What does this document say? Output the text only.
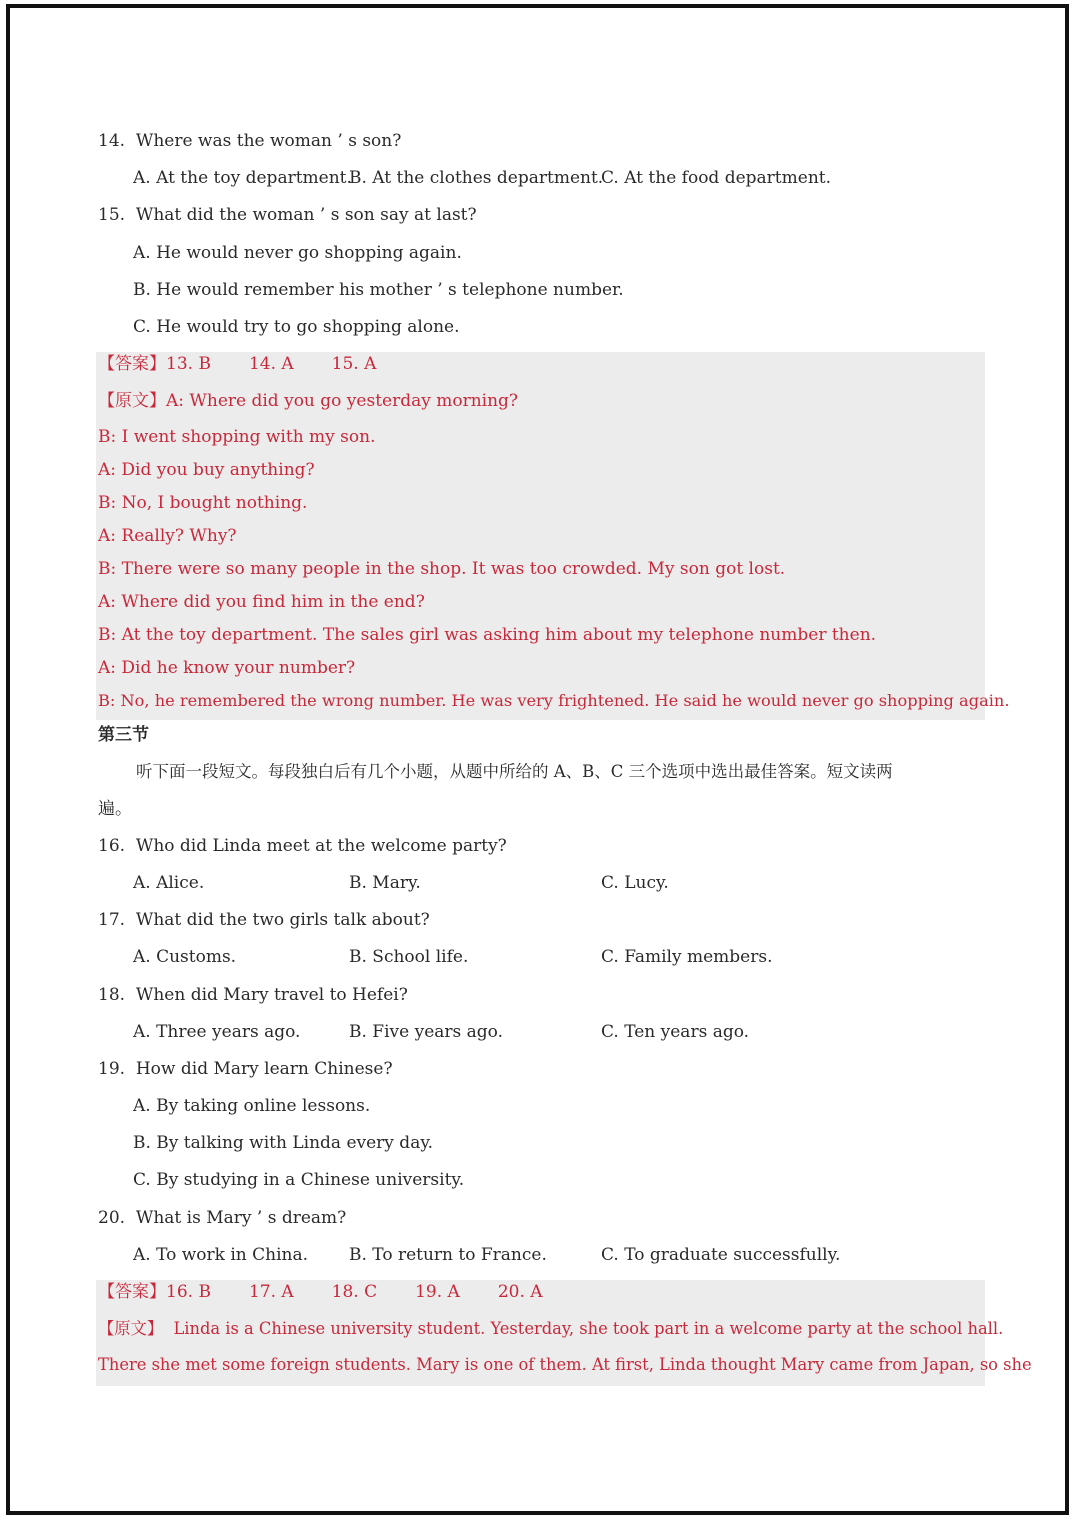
14. Where was the woman ’ s son?
A. At the toy department.
B. At the clothes department.
C. At the food department.
15. What did the woman ’ s son say at last?
A. He would never go shopping again.
B. He would remember his mother ’ s telephone number.
C. He would try to go shopping alone.
【答案】13. B 14. A 15. A
【原文】A: Where did you go yesterday morning?
B: I went shopping with my son.
A: Did you buy anything?
B: No, I bought nothing.
A: Really? Why?
B: There were so many people in the shop. It was too crowded. My son got lost.
A: Where did you find him in the end?
B: At the toy department. The sales girl was asking him about my telephone number then.
A: Did he know your number?
B: No, he remembered the wrong number. He was very frightened. He said he would never go shopping again.
第三节
听下面一段短文。每段独白后有几个小题，从题中所给的 A、B、C 三个选项中选出最佳答案。短文读两
遍。
16. Who did Linda meet at the welcome party?
A. Alice.	B. Mary.	C. Lucy.
17. What did the two girls talk about?
A. Customs.	B. School life.	C. Family members.
18. When did Mary travel to Hefei?
A. Three years ago.	B. Five years ago.	C. Ten years ago.
19. How did Mary learn Chinese?
A. By taking online lessons.
B. By talking with Linda every day.
C. By studying in a Chinese university.
20. What is Mary ’ s dream?
A. To work in China. B. To return to France.	C. To graduate successfully.
【答案】16. B 17. A 18. C 19. A 20. A
【原文】 Linda is a Chinese university student. Yesterday, she took part in a welcome party at the school hall.
There she met some foreign students. Mary is one of them. At first, Linda thought Mary came from Japan, so she
